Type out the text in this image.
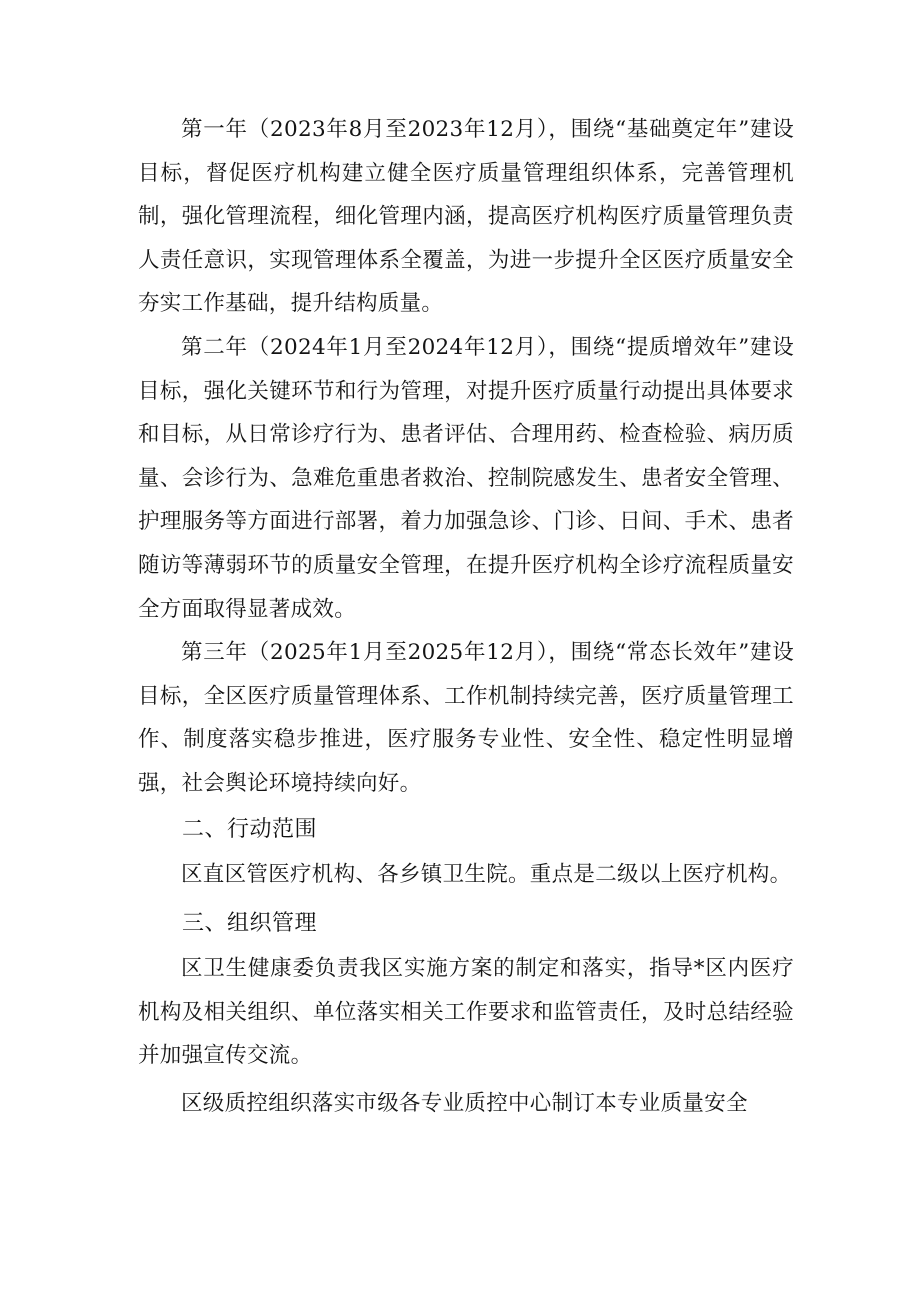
第一年（2023年8月至2023年12月），围绕“基础奠定年”建设目标，督促医疗机构建立健全医疗质量管理组织体系，完善管理机制，强化管理流程，细化管理内涵，提高医疗机构医疗质量管理负责人责任意识，实现管理体系全覆盖，为进一步提升全区医疗质量安全夯实工作基础，提升结构质量。

第二年（2024年1月至2024年12月），围绕“提质增效年”建设目标，强化关键环节和行为管理，对提升医疗质量行动提出具体要求和目标，从日常诊疗行为、患者评估、合理用药、检查检验、病历质量、会诊行为、急难危重患者救治、控制院感发生、患者安全管理、护理服务等方面进行部署，着力加强急诊、门诊、日间、手术、患者随访等薄弱环节的质量安全管理，在提升医疗机构全诊疗流程质量安全方面取得显著成效。

第三年（2025年1月至2025年12月），围绕“常态长效年”建设目标，全区医疗质量管理体系、工作机制持续完善，医疗质量管理工作、制度落实稳步推进，医疗服务专业性、安全性、稳定性明显增强，社会舆论环境持续向好。

二、行动范围

区直区管医疗机构、各乡镇卫生院。重点是二级以上医疗机构。

三、组织管理

区卫生健康委负责我区实施方案的制定和落实，指导*区内医疗机构及相关组织、单位落实相关工作要求和监管责任，及时总结经验并加强宣传交流。

区级质控组织落实市级各专业质控中心制订本专业质量安全
